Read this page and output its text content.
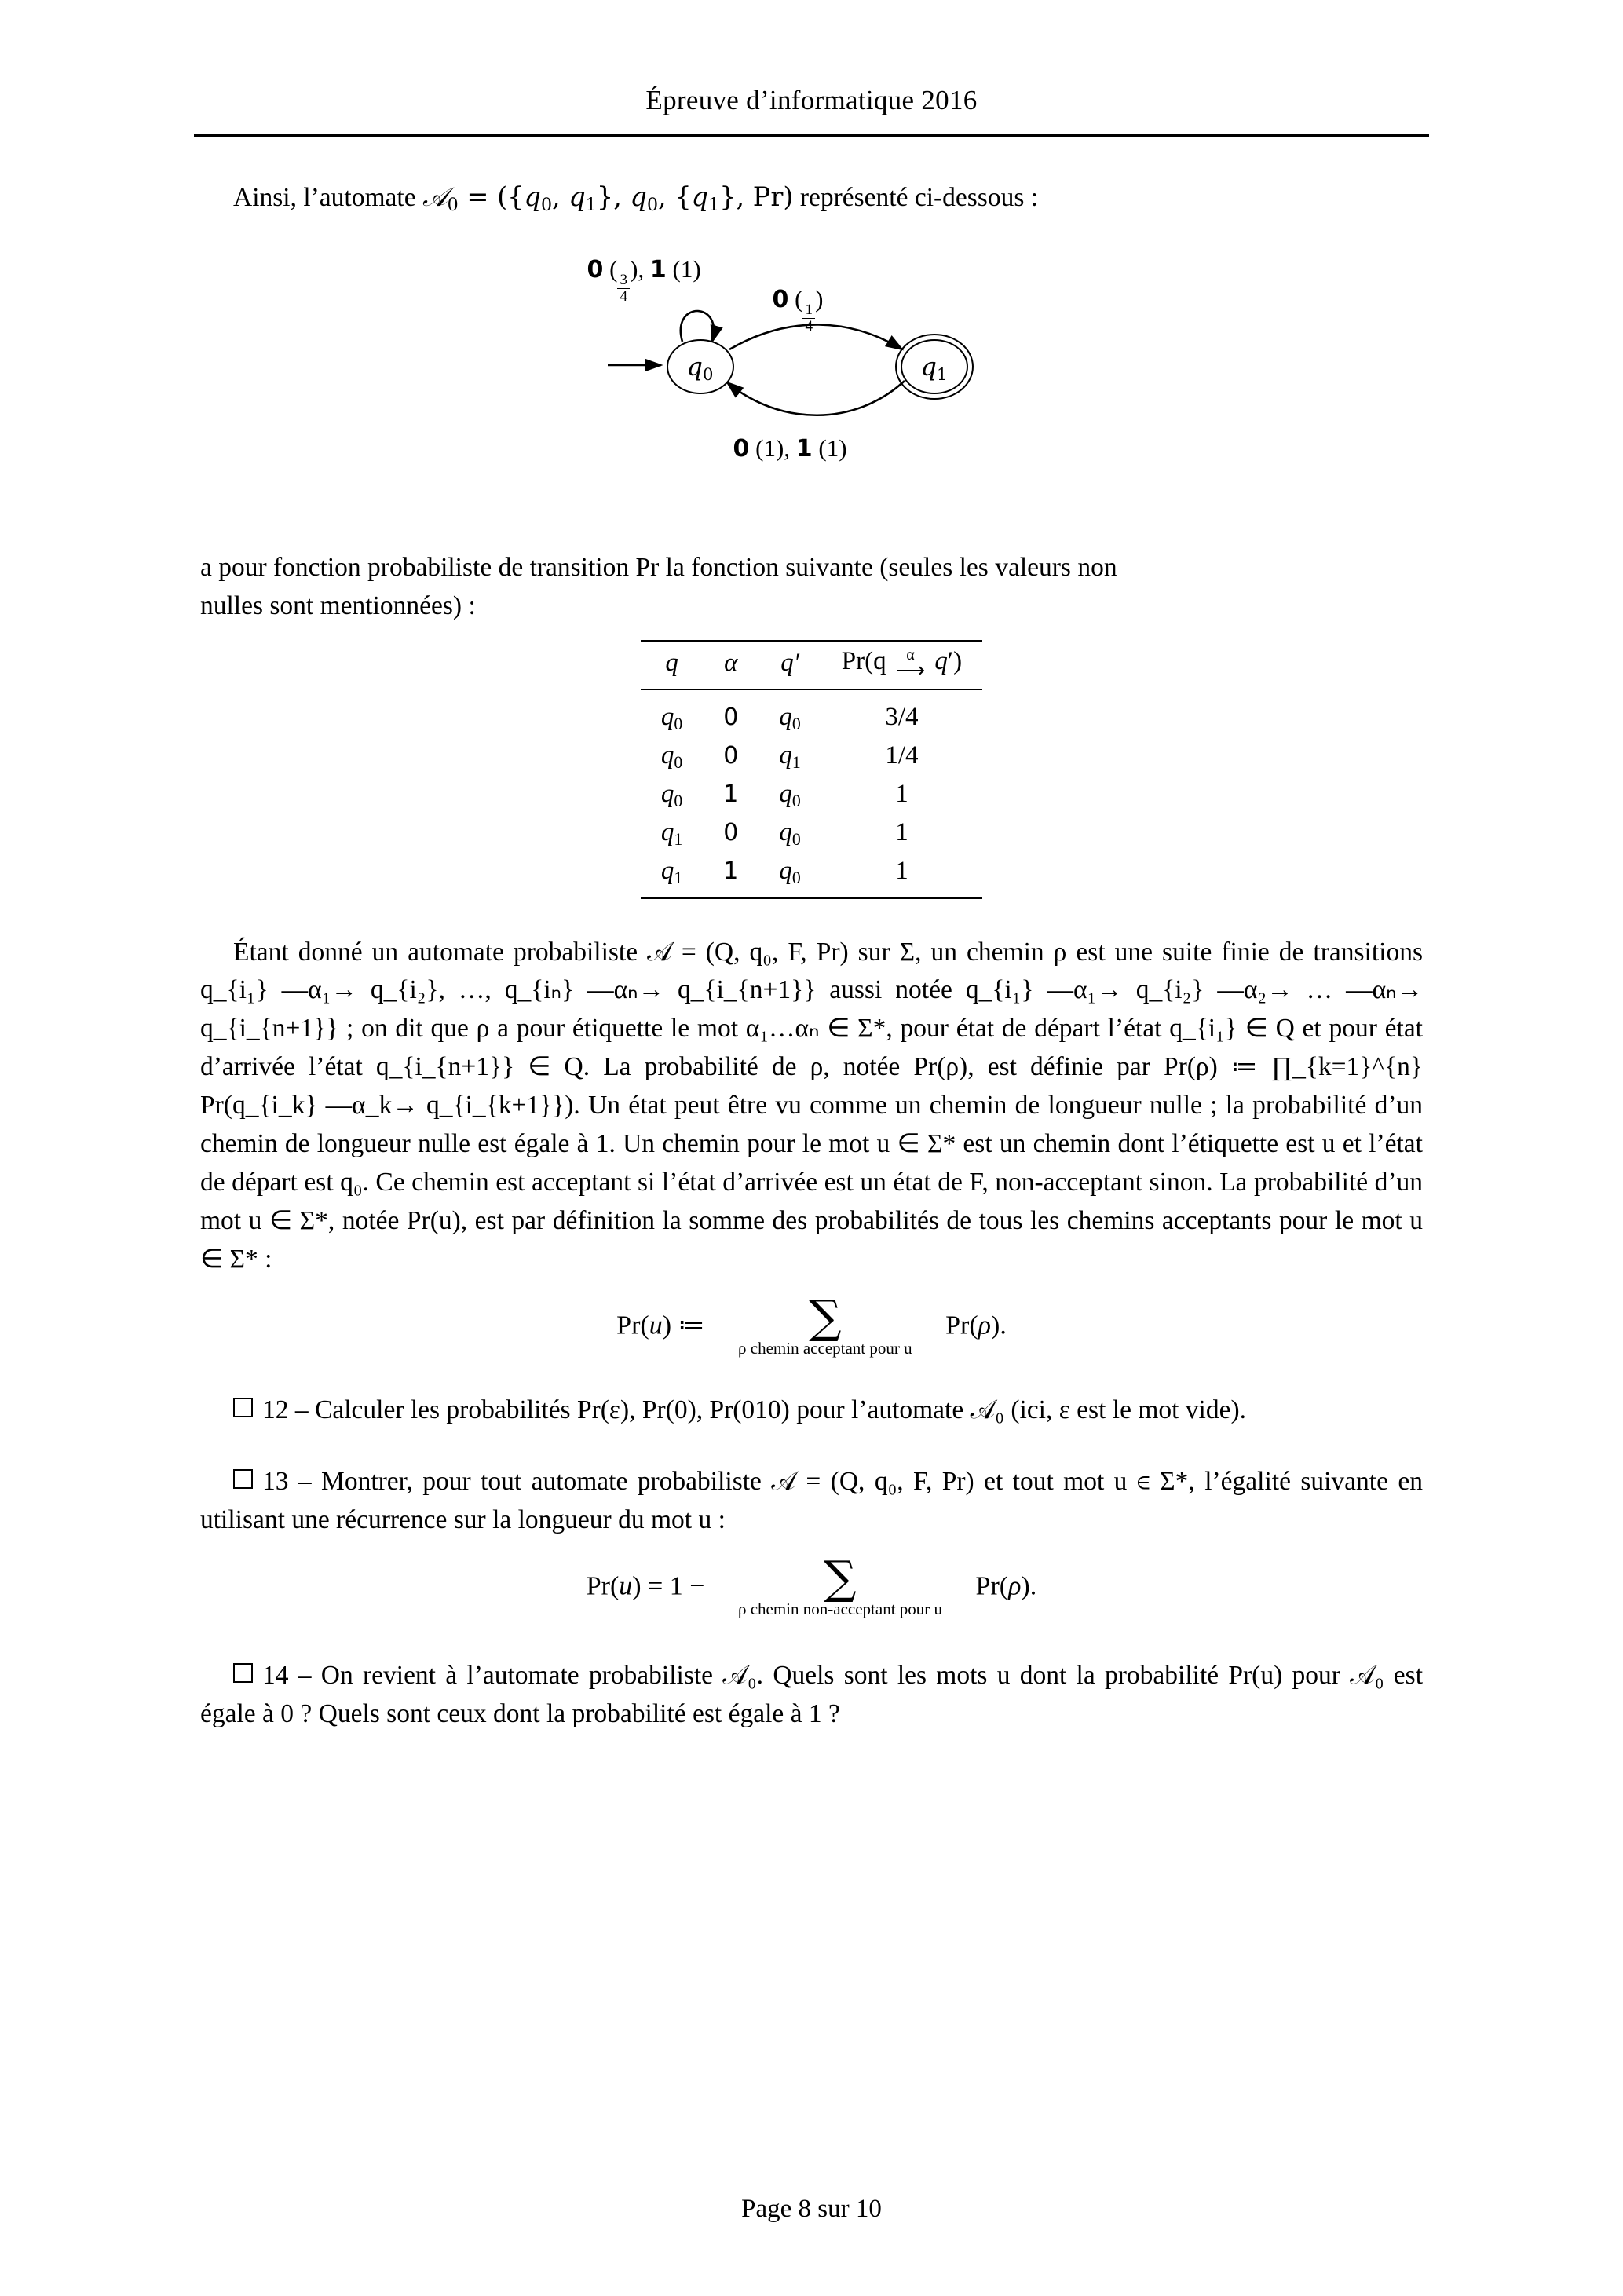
Épreuve d’informatique 2016
Ainsi, l’automate 𝒜$_0$ = ({$q_0$, $q_1$}, $q_0$, $\{q_1\}$, Pr) représenté ci-dessous :
$q_0$	$q_1$
0 (
$\frac{3}{4}$
), 1 (1)
0 (
$\frac{1}{4}$
)
0 (1), 1 (1)
a pour fonction probabiliste de transition Pr la fonction suivante (seules les valeurs non
nulles sont mentionnées) :
q	α	q′	Pr(q α
⟶ q′)
$q_0$	0	$q_0$	3/4
$q_0$	0	$q_1$	1/4
$q_0$	1	$q_0$	1
$q_1$	0	$q_0$	1
$q_1$	1	$q_0$	1
Étant donné un automate probabiliste 𝒜 = (Q, q₀, F, Pr) sur Σ, un chemin ρ est une suite finie de transitions q_{i₁} —α₁→ q_{i₂}, …, q_{iₙ} —αₙ→ q_{i_{n+1}} aussi notée q_{i₁} —α₁→ q_{i₂} —α₂→ … —αₙ→ q_{i_{n+1}} ; on dit que ρ a pour étiquette le mot α₁…αₙ ∈ Σ*, pour état de départ l’état q_{i₁} ∈ Q et pour état d’arrivée l’état q_{i_{n+1}} ∈ Q. La probabilité de ρ, notée Pr(ρ), est définie par Pr(ρ) ≔ ∏_{k=1}^{n} Pr(q_{i_k} —α_k→ q_{i_{k+1}}). Un état peut être vu comme un chemin de longueur nulle ; la probabilité d’un chemin de longueur nulle est égale à 1. Un chemin pour le mot u ∈ Σ* est un chemin dont l’étiquette est u et l’état de départ est q₀. Ce chemin est acceptant si l’état d’arrivée est un état de F, non-acceptant sinon. La probabilité d’un mot u ∈ Σ*, notée Pr(u), est par définition la somme des probabilités de tous les chemins acceptants pour le mot u ∈ Σ* :
Pr(u) ≔ ∑
ρ chemin acceptant pour u
Pr(ρ).
12 – Calculer les probabilités Pr(ε), Pr(0), Pr(010) pour l’automate 𝒜₀ (ici, ε est le mot vide).
13 – Montrer, pour tout automate probabiliste 𝒜 = (Q, q₀, F, Pr) et tout mot u ∈ Σ*, l’égalité suivante en utilisant une récurrence sur la longueur du mot u :
Pr(u) = 1 −	∑
ρ chemin non-acceptant pour u
Pr(ρ).
14 – On revient à l’automate probabiliste 𝒜₀. Quels sont les mots u dont la probabilité Pr(u) pour 𝒜₀ est égale à 0 ? Quels sont ceux dont la probabilité est égale à 1 ?
Page 8 sur 10
